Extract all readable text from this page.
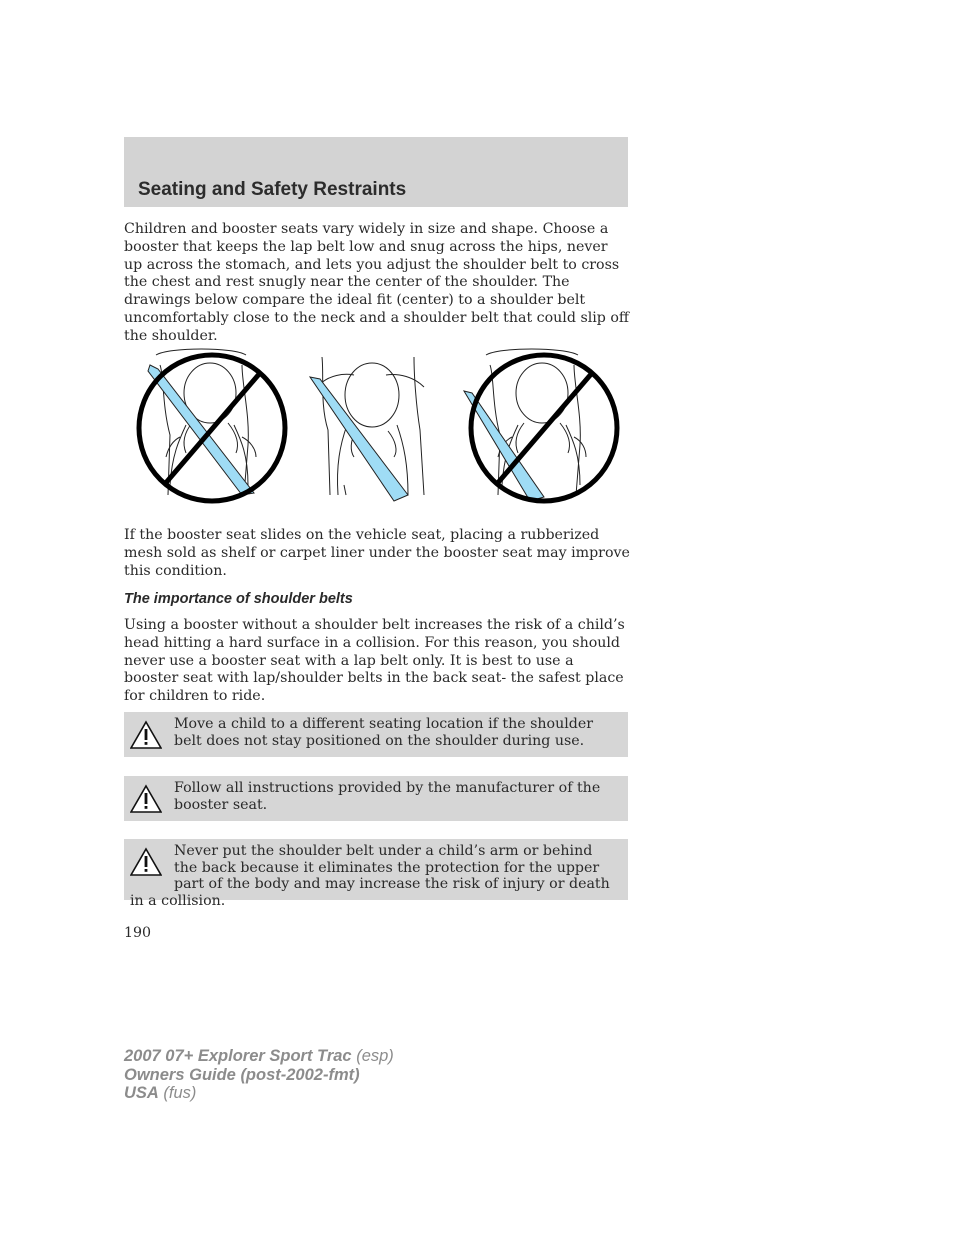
Seating and Safety Restraints

Children and booster seats vary widely in size and shape. Choose a booster that keeps the lap belt low and snug across the hips, never up across the stomach, and lets you adjust the shoulder belt to cross the chest and rest snugly near the center of the shoulder. The drawings below compare the ideal fit (center) to a shoulder belt uncomfortably close to the neck and a shoulder belt that could slip off the shoulder.

If the booster seat slides on the vehicle seat, placing a rubberized mesh sold as shelf or carpet liner under the booster seat may improve this condition.

The importance of shoulder belts

Using a booster without a shoulder belt increases the risk of a child’s head hitting a hard surface in a collision. For this reason, you should never use a booster seat with a lap belt only. It is best to use a booster seat with lap/shoulder belts in the back seat- the safest place for children to ride.

Move a child to a different seating location if the shoulder belt does not stay positioned on the shoulder during use.
Follow all instructions provided by the manufacturer of the booster seat.
Never put the shoulder belt under a child’s arm or behind the back because it eliminates the protection for the upper part of the body and may increase the risk of injury or death in a collision.
190
2007 07+ Explorer Sport Trac (esp)
Owners Guide (post-2002-fmt)
USA (fus)
